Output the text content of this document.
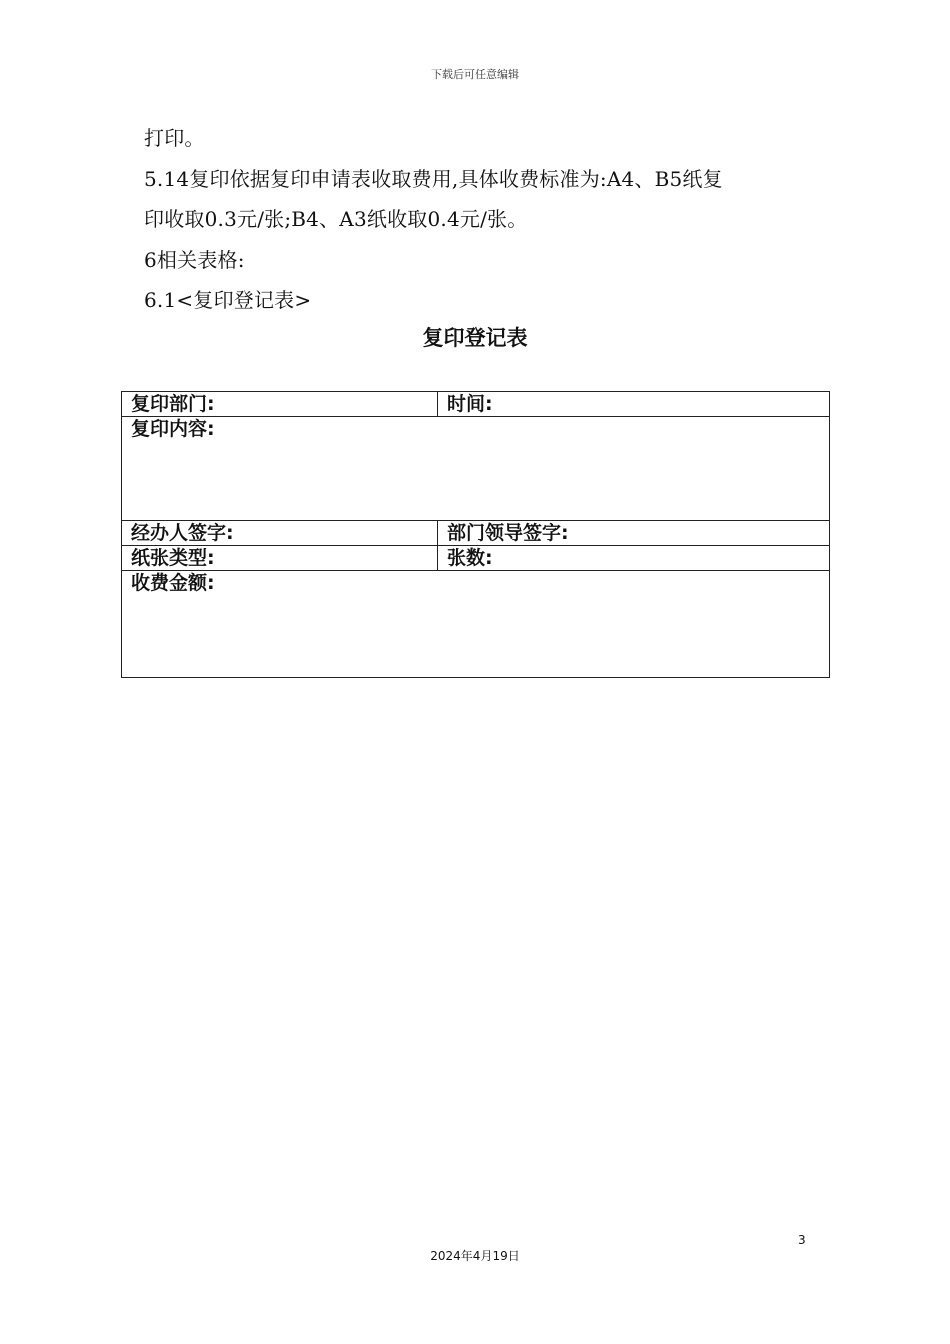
下载后可任意编辑

打印。

5.14复印依据复印申请表收取费用,具体收费标准为:A4、B5纸复

印收取0.3元/张;B4、A3纸收取0.4元/张。

6相关表格:

6.1<复印登记表>

复印登记表
复印部门:	时间:
复印内容:	
经办人签字:	部门领导签字:
纸张类型:	张数:
收费金额:	
3
2024年4月19日
